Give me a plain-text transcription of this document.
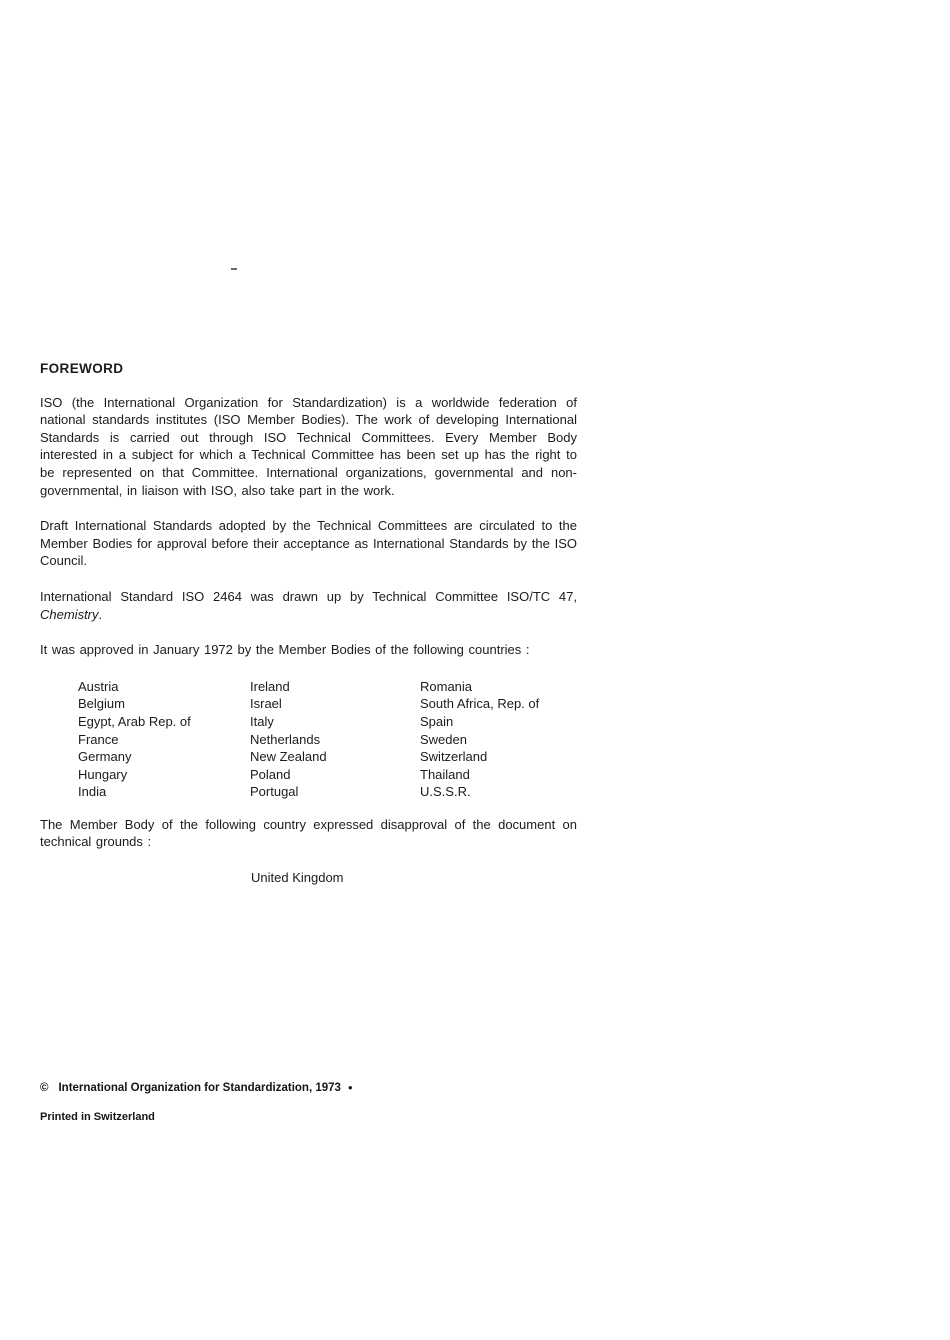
FOREWORD

ISO (the International Organization for Standardization) is a worldwide federation of national standards institutes (ISO Member Bodies). The work of developing International Standards is carried out through ISO Technical Committees. Every Member Body interested in a subject for which a Technical Committee has been set up has the right to be represented on that Committee. International organizations, governmental and non-governmental, in liaison with ISO, also take part in the work.

Draft International Standards adopted by the Technical Committees are circulated to the Member Bodies for approval before their acceptance as International Standards by the ISO Council.

International Standard ISO 2464 was drawn up by Technical Committee ISO/TC 47, Chemistry.

It was approved in January 1972 by the Member Bodies of the following countries :

Austria
Belgium
Egypt, Arab Rep. of
France
Germany
Hungary
India
Ireland
Israel
Italy
Netherlands
New Zealand
Poland
Portugal
Romania
South Africa, Rep. of
Spain
Sweden
Switzerland
Thailand
U.S.S.R.

The Member Body of the following country expressed disapproval of the document on technical grounds :

United Kingdom
© International Organization for Standardization, 1973 ●
Printed in Switzerland
